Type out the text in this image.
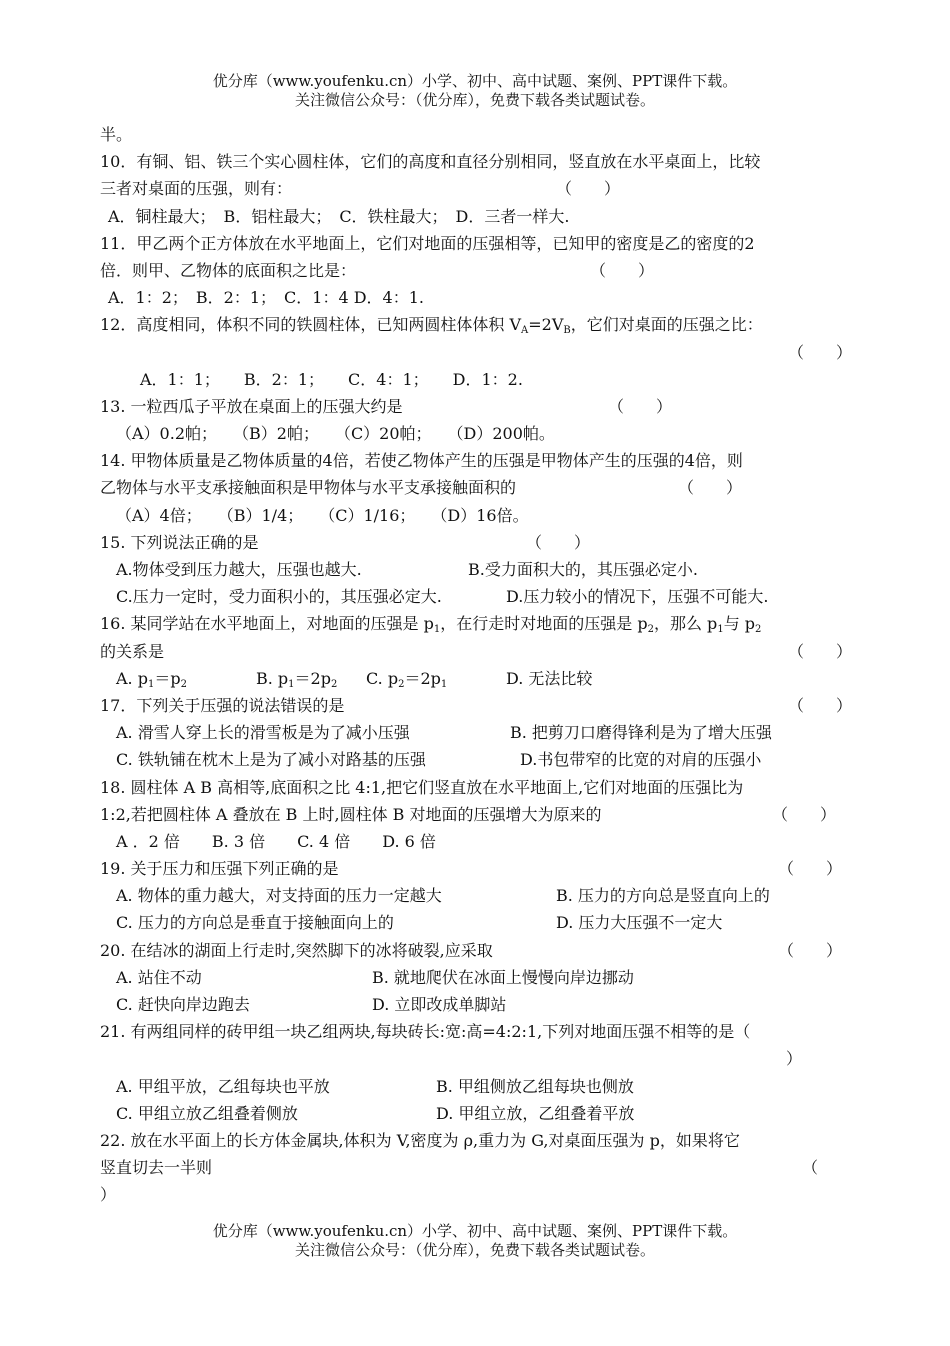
优分库（www.youfenku.cn）小学、初中、高中试题、案例、PPT课件下载。
关注微信公众号：（优分库），免费下载各类试题试卷。
半。
10．有铜、铝、铁三个实心圆柱体，它们的高度和直径分别相同，竖直放在水平桌面上，比较
三者对桌面的压强，则有：	（　　）
A．铜柱最大；　B．铝柱最大；　C．铁柱最大；　D．三者一样大.
11．甲乙两个正方体放在水平地面上，它们对地面的压强相等，已知甲的密度是乙的密度的2
倍．则甲、乙物体的底面积之比是：	（　　）
A．1：2；　B．2：1；　C．1：4 D．4：1.
12．高度相同，体积不同的铁圆柱体，已知两圆柱体体积 $V_A=2V_B$，它们对桌面的压强之比：
（　　）
A．1：1；　　B．2：1；　　C．4：1；　　D．1：2.
13. 一粒西瓜子平放在桌面上的压强大约是	（　　）
（A）0.2帕；　　（B）2帕；　　（C）20帕；　　（D）200帕。
14. 甲物体质量是乙物体质量的4倍，若使乙物体产生的压强是甲物体产生的压强的4倍，则
乙物体与水平支承接触面积是甲物体与水平支承接触面积的	（　　）
（A）4倍；　　（B）1/4；　　（C）1/16；　　（D）16倍。
15. 下列说法正确的是	（　　）
A.物体受到压力越大，压强也越大.	B.受力面积大的，其压强必定小.
C.压力一定时，受力面积小的，其压强必定大.	D.压力较小的情况下，压强不可能大.
16. 某同学站在水平地面上，对地面的压强是 $p_1$，在行走时对地面的压强是 $p_2$，那么 $p_1$与 $p_2$
的关系是	（　　）
A. $p_1=p_2$	B. $p_1=2p_2$ C. $p_2=2p_1$	D. 无法比较
17．下列关于压强的说法错误的是	（　　）
A. 滑雪人穿上长的滑雪板是为了减小压强	B. 把剪刀口磨得锋利是为了增大压强
C. 铁轨铺在枕木上是为了减小对路基的压强	D.书包带窄的比宽的对肩的压强小
18. 圆柱体 A B 高相等,底面积之比 4:1,把它们竖直放在水平地面上,它们对地面的压强比为
1:2,若把圆柱体 A 叠放在 B 上时,圆柱体 B 对地面的压强增大为原来的	（　　）
A ．2 倍　　B. 3 倍　　C. 4 倍　　D. 6 倍
19. 关于压力和压强下列正确的是	（　　）
A. 物体的重力越大，对支持面的压力一定越大	B. 压力的方向总是竖直向上的
C. 压力的方向总是垂直于接触面向上的	D. 压力大压强不一定大
20. 在结冰的湖面上行走时,突然脚下的冰将破裂,应采取	（　　）
A. 站住不动	B. 就地爬伏在冰面上慢慢向岸边挪动
C. 赶快向岸边跑去	D. 立即改成单脚站
21. 有两组同样的砖甲组一块乙组两块,每块砖长:宽:高=4:2:1,下列对地面压强不相等的是（
）
A. 甲组平放，乙组每块也平放	B. 甲组侧放乙组每块也侧放
C. 甲组立放乙组叠着侧放	D. 甲组立放，乙组叠着平放
22. 放在水平面上的长方体金属块,体积为 V,密度为 ρ,重力为 G,对桌面压强为 p，如果将它
竖直切去一半则	（
）
优分库（www.youfenku.cn）小学、初中、高中试题、案例、PPT课件下载。
关注微信公众号：（优分库），免费下载各类试题试卷。
